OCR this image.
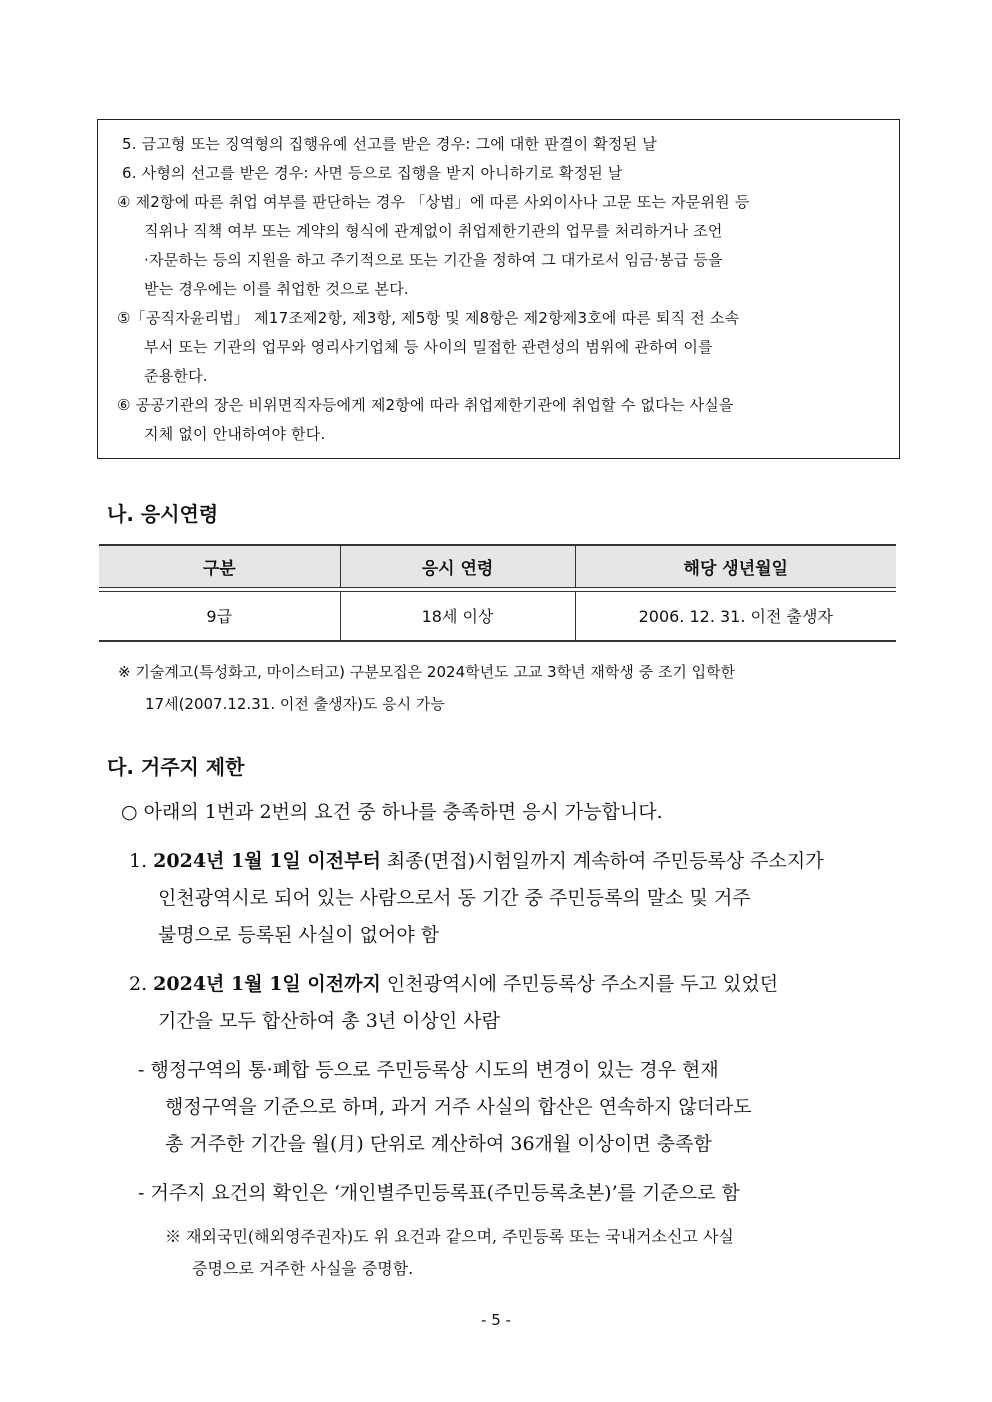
5. 금고형 또는 징역형의 집행유예 선고를 받은 경우: 그에 대한 판결이 확정된 날

6. 사형의 선고를 받은 경우: 사면 등으로 집행을 받지 아니하기로 확정된 날

④ 제2항에 따른 취업 여부를 판단하는 경우 「상법」에 따른 사외이사나 고문 또는 자문위원 등

직위나 직책 여부 또는 계약의 형식에 관계없이 취업제한기관의 업무를 처리하거나 조언

·자문하는 등의 지원을 하고 주기적으로 또는 기간을 정하여 그 대가로서 임금·봉급 등을

받는 경우에는 이를 취업한 것으로 본다.

⑤「공직자윤리법」 제17조제2항, 제3항, 제5항 및 제8항은 제2항제3호에 따른 퇴직 전 소속

부서 또는 기관의 업무와 영리사기업체 등 사이의 밀접한 관련성의 범위에 관하여 이를

준용한다.

⑥ 공공기관의 장은 비위면직자등에게 제2항에 따라 취업제한기관에 취업할 수 없다는 사실을

지체 없이 안내하여야 한다.

나. 응시연령

구분	응시 연령	해당 생년월일

9급	18세 이상	2006. 12. 31. 이전 출생자

※ 기술계고(특성화고, 마이스터고) 구분모집은 2024학년도 고교 3학년 재학생 중 조기 입학한

17세(2007.12.31. 이전 출생자)도 응시 가능

다. 거주지 제한

○ 아래의 1번과 2번의 요건 중 하나를 충족하면 응시 가능합니다.

1. 2024년 1월 1일 이전부터 최종(면접)시험일까지 계속하여 주민등록상 주소지가

인천광역시로 되어 있는 사람으로서 동 기간 중 주민등록의 말소 및 거주

불명으로 등록된 사실이 없어야 함

2. 2024년 1월 1일 이전까지 인천광역시에 주민등록상 주소지를 두고 있었던

기간을 모두 합산하여 총 3년 이상인 사람

- 행정구역의 통·폐합 등으로 주민등록상 시도의 변경이 있는 경우 현재

행정구역을 기준으로 하며, 과거 거주 사실의 합산은 연속하지 않더라도

총 거주한 기간을 월(月) 단위로 계산하여 36개월 이상이면 충족함

- 거주지 요건의 확인은 ‘개인별주민등록표(주민등록초본)’를 기준으로 함

※ 재외국민(해외영주권자)도 위 요건과 같으며, 주민등록 또는 국내거소신고 사실

증명으로 거주한 사실을 증명함.

- 5 -
